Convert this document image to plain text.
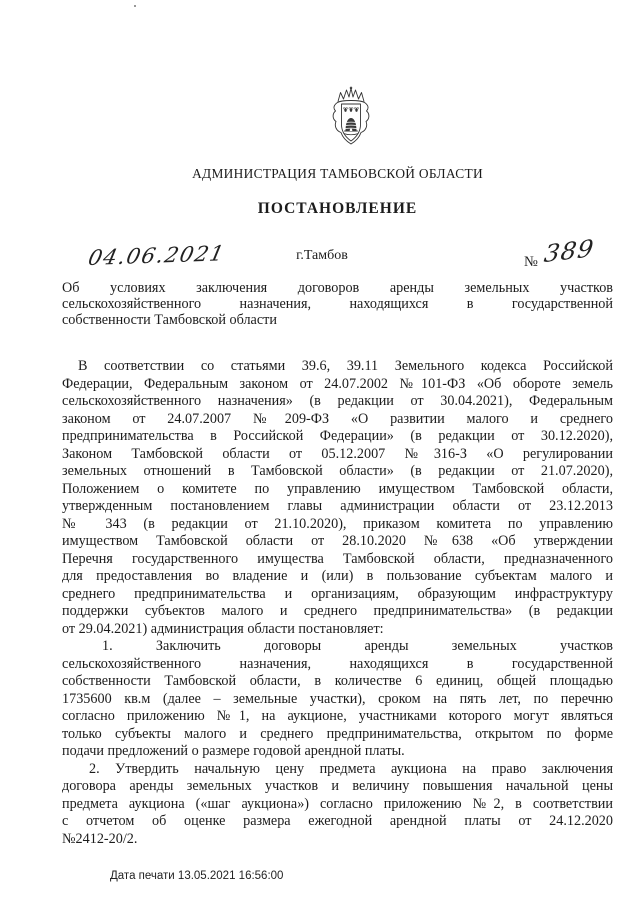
АДМИНИСТРАЦИЯ ТАМБОВСКОЙ ОБЛАСТИ
ПОСТАНОВЛЕНИЕ
04.06.2021	г.Тамбов	№ 389
Об условиях заключения договоров аренды земельных участков
сельскохозяйственного назначения, находящихся в государственной
собственности Тамбовской области
В соответствии со статьями 39.6, 39.11 Земельного кодекса Российской
Федерации, Федеральным законом от 24.07.2002 №101-ФЗ «Об обороте земель
сельскохозяйственного назначения» (в редакции от 30.04.2021), Федеральным
законом от 24.07.2007 №209-ФЗ «О развитии малого и среднего
предпринимательства в Российской Федерации» (в редакции от 30.12.2020),
Законом Тамбовской области от 05.12.2007 №316-З «О регулировании
земельных отношений в Тамбовской области» (в редакции от 21.07.2020),
Положением о комитете по управлению имуществом Тамбовской области,
утвержденным постановлением главы администрации области от 23.12.2013
№ 343 (в редакции от 21.10.2020), приказом комитета по управлению
имуществом Тамбовской области от 28.10.2020 №638 «Об утверждении
Перечня государственного имущества Тамбовской области, предназначенного
для предоставления во владение и (или) в пользование субъектам малого и
среднего предпринимательства и организациям, образующим инфраструктуру
поддержки субъектов малого и среднего предпринимательства» (в редакции
от 29.04.2021) администрация области постановляет:
1. Заключить договоры аренды земельных участков
сельскохозяйственного назначения, находящихся в государственной
собственности Тамбовской области, в количестве 6 единиц, общей площадью
1735600 кв.м (далее – земельные участки), сроком на пять лет, по перечню
согласно приложению №1, на аукционе, участниками которого могут являться
только субъекты малого и среднего предпринимательства, открытом по форме
подачи предложений о размере годовой арендной платы.
2. Утвердить начальную цену предмета аукциона на право заключения
договора аренды земельных участков и величину повышения начальной цены
предмета аукциона («шаг аукциона») согласно приложению №2, в соответствии
с отчетом об оценке размера ежегодной арендной платы от 24.12.2020
№2412-20/2.
Дата печати 13.05.2021 16:56:00
